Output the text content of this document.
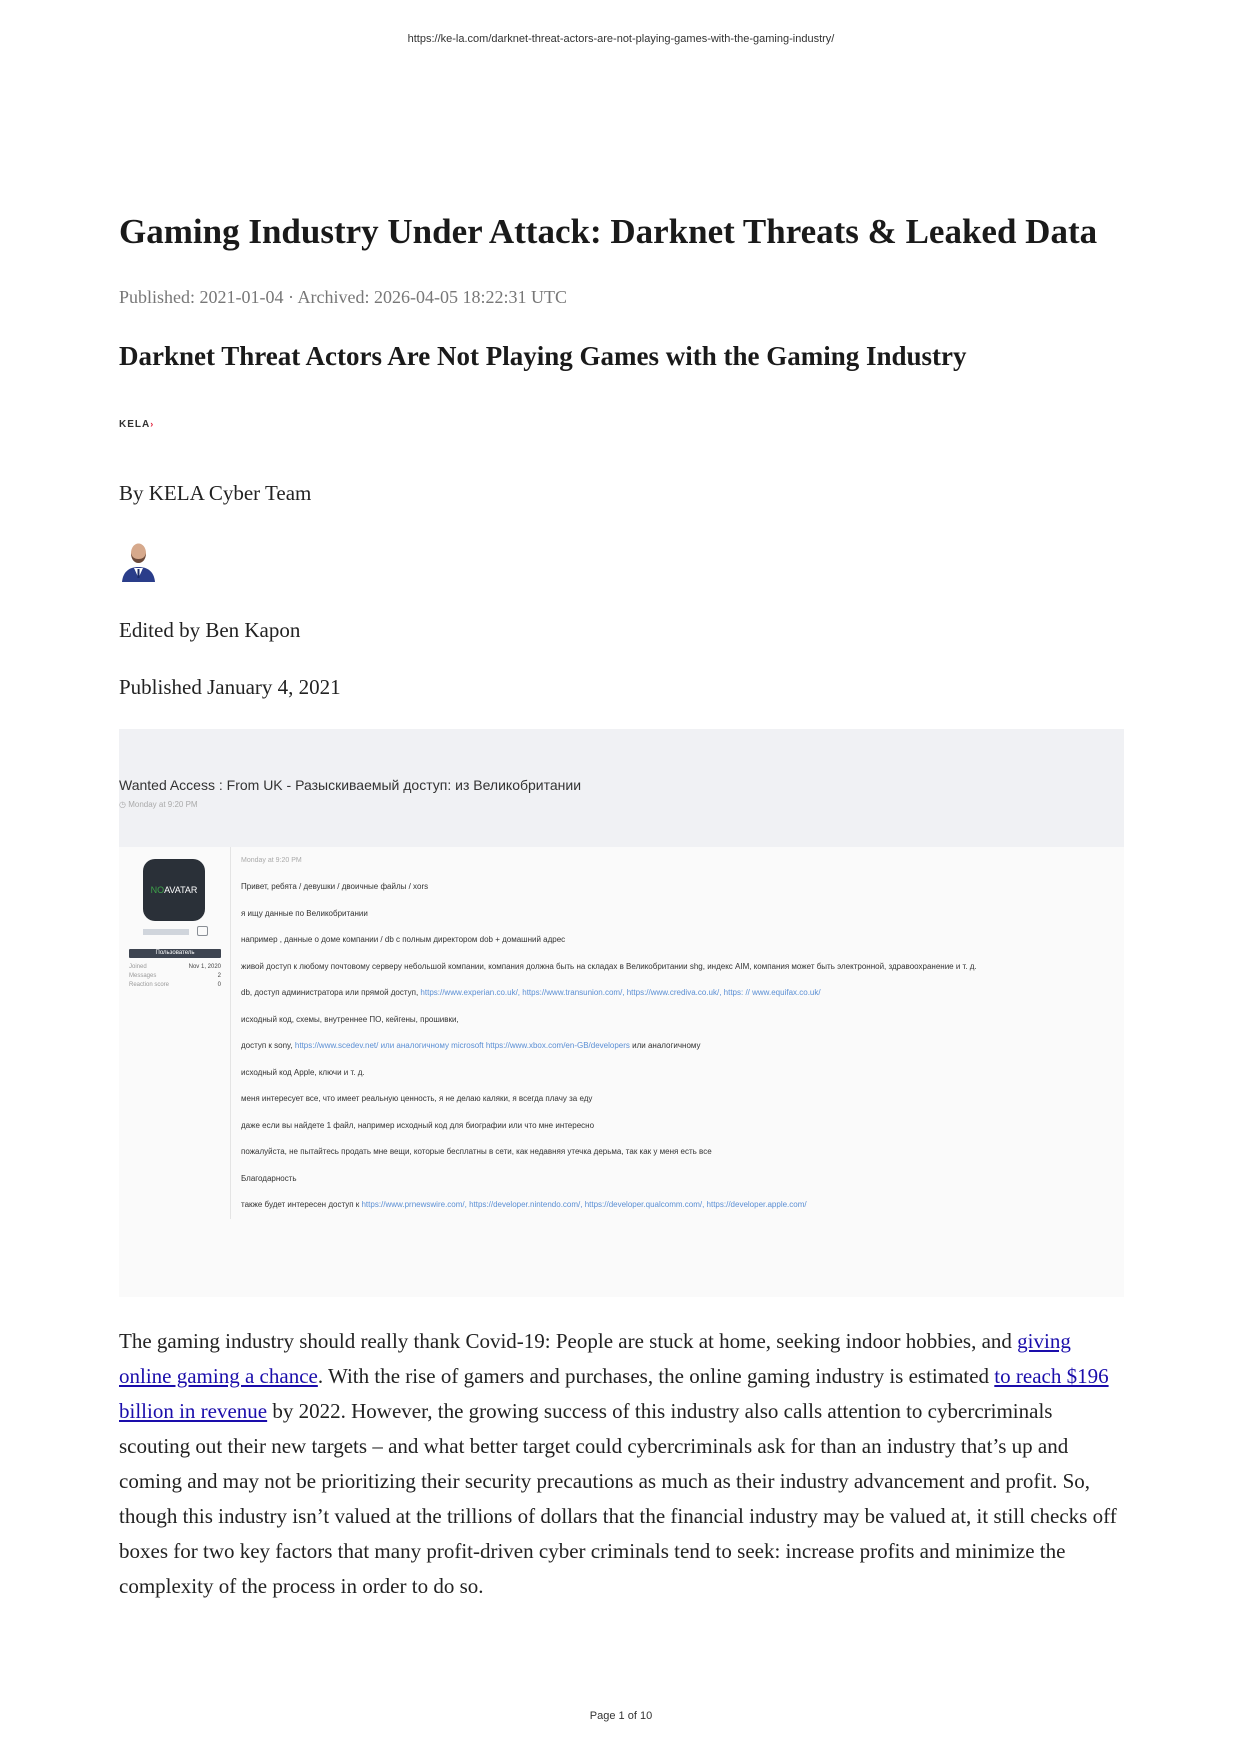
https://ke-la.com/darknet-threat-actors-are-not-playing-games-with-the-gaming-industry/
Gaming Industry Under Attack: Darknet Threats & Leaked Data
Published: 2021-01-04 · Archived: 2026-04-05 18:22:31 UTC
Darknet Threat Actors Are Not Playing Games with the Gaming Industry
KELA›
By KELA Cyber Team
Edited by Ben Kapon
Published January 4, 2021
Wanted Access : From UK - Разыскиваемый доступ: из Великобритании
◷ Monday at 9:20 PM
NOAVATAR
Пользователь
Joined	Nov 1, 2020
Messages	2
Reaction score	0
Monday at 9:20 PM
Привет, ребята / девушки / двоичные файлы / xors
я ищу данные по Великобритании
например , данные о доме компании / db с полным директором dob + домашний адрес
живой доступ к любому почтовому серверу небольшой компании, компания должна быть на складах в Великобритании shg, индекс AIM, компания может быть электронной, здравоохранение и т. д.
db, доступ администратора или прямой доступ, https://www.experian.co.uk/, https://www.transunion.com/, https://www.crediva.co.uk/, https: // www.equifax.co.uk/
исходный код, схемы, внутреннее ПО, кейгены, прошивки,
доступ к sony, https://www.scedev.net/ или аналогичному microsoft https://www.xbox.com/en-GB/developers или аналогичному
исходный код Apple, ключи и т. д.
меня интересует все, что имеет реальную ценность, я не делаю каляки, я всегда плачу за еду
даже если вы найдете 1 файл, например исходный код для биографии или что мне интересно
пожалуйста, не пытайтесь продать мне вещи, которые бесплатны в сети, как недавняя утечка дерьма, так как у меня есть все
Благодарность
также будет интересен доступ к https://www.prnewswire.com/, https://developer.nintendo.com/, https://developer.qualcomm.com/, https://developer.apple.com/

The gaming industry should really thank Covid-19: People are stuck at home, seeking indoor hobbies, and giving online gaming a chance. With the rise of gamers and purchases, the online gaming industry is estimated to reach $196 billion in revenue by 2022. However, the growing success of this industry also calls attention to cybercriminals scouting out their new targets – and what better target could cybercriminals ask for than an industry that’s up and coming and may not be prioritizing their security precautions as much as their industry advancement and profit. So, though this industry isn’t valued at the trillions of dollars that the financial industry may be valued at, it still checks off boxes for two key factors that many profit-driven cyber criminals tend to seek: increase profits and minimize the complexity of the process in order to do so.

Page 1 of 10
